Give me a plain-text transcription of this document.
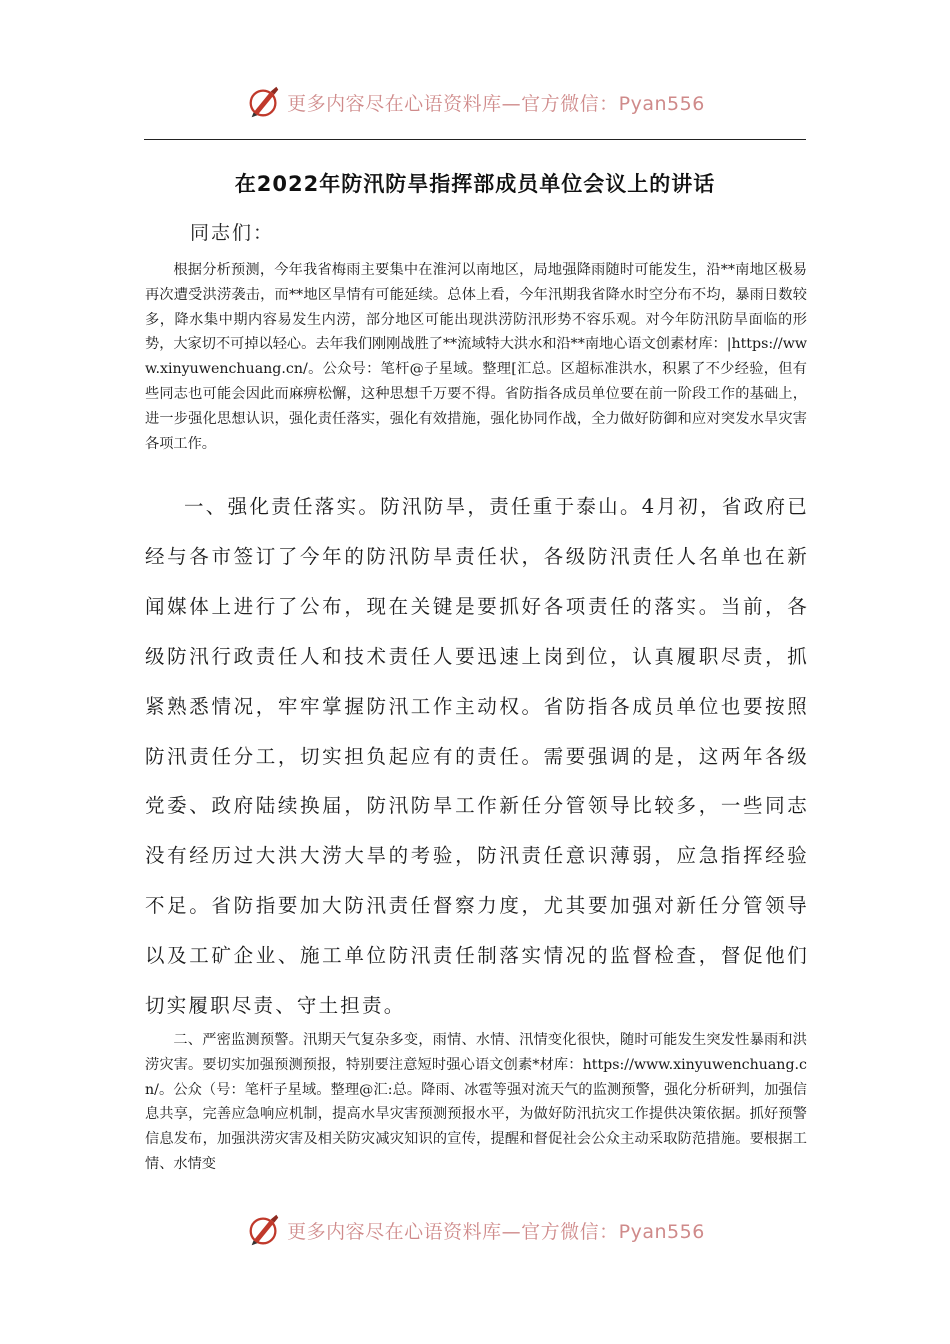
更多内容尽在心语资料库—官方微信：Pyan556
在2022年防汛防旱指挥部成员单位会议上的讲话
同志们：

根据分析预测，今年我省梅雨主要集中在淮河以南地区，局地强降雨随时可能发生，沿**南地区极易再次遭受洪涝袭击，而**地区旱情有可能延续。总体上看，今年汛期我省降水时空分布不均，暴雨日数较多，降水集中期内容易发生内涝，部分地区可能出现洪涝防汛形势不容乐观。对今年防汛防旱面临的形势，大家切不可掉以轻心。去年我们刚刚战胜了**流域特大洪水和沿**南地心语文创素材库：|https://www.xinyuwenchuang.cn/。公众号：笔杆@子星域。整理[汇总。区超标准洪水，积累了不少经验，但有些同志也可能会因此而麻痹松懈，这种思想千万要不得。省防指各成员单位要在前一阶段工作的基础上，进一步强化思想认识，强化责任落实，强化有效措施，强化协同作战，全力做好防御和应对突发水旱灾害各项工作。

一、强化责任落实。防汛防旱，责任重于泰山。4月初，省政府已经与各市签订了今年的防汛防旱责任状，各级防汛责任人名单也在新闻媒体上进行了公布，现在关键是要抓好各项责任的落实。当前，各级防汛行政责任人和技术责任人要迅速上岗到位，认真履职尽责，抓紧熟悉情况，牢牢掌握防汛工作主动权。省防指各成员单位也要按照防汛责任分工，切实担负起应有的责任。需要强调的是，这两年各级党委、政府陆续换届，防汛防旱工作新任分管领导比较多，一些同志没有经历过大洪大涝大旱的考验，防汛责任意识薄弱，应急指挥经验不足。省防指要加大防汛责任督察力度，尤其要加强对新任分管领导以及工矿企业、施工单位防汛责任制落实情况的监督检查，督促他们切实履职尽责、守土担责。

二、严密监测预警。汛期天气复杂多变，雨情、水情、汛情变化很快，随时可能发生突发性暴雨和洪涝灾害。要切实加强预测预报，特别要注意短时强心语文创素*材库：https://www.xinyuwenchuang.cn/。公众（号：笔杆子星域。整理@汇:总。降雨、冰雹等强对流天气的监测预警，强化分析研判，加强信息共享，完善应急响应机制，提高水旱灾害预测预报水平，为做好防汛抗灾工作提供决策依据。抓好预警信息发布，加强洪涝灾害及相关防灾减灾知识的宣传，提醒和督促社会公众主动采取防范措施。要根据工情、水情变

更多内容尽在心语资料库—官方微信：Pyan556
